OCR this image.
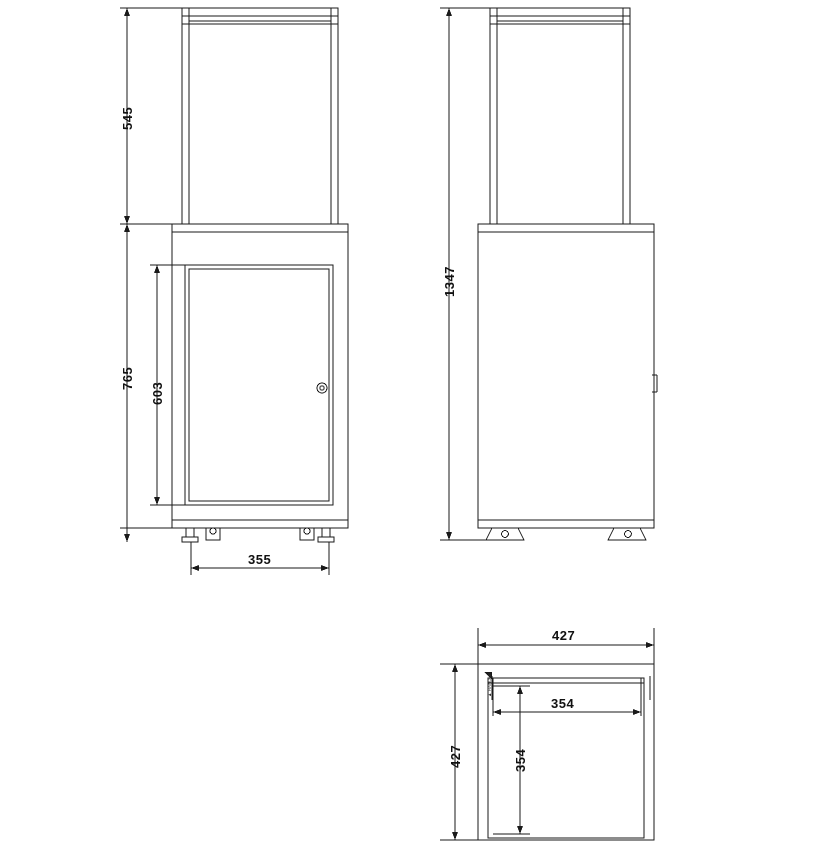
545
765
603
355
1347
427
427
354
354
▲ HANDLE
